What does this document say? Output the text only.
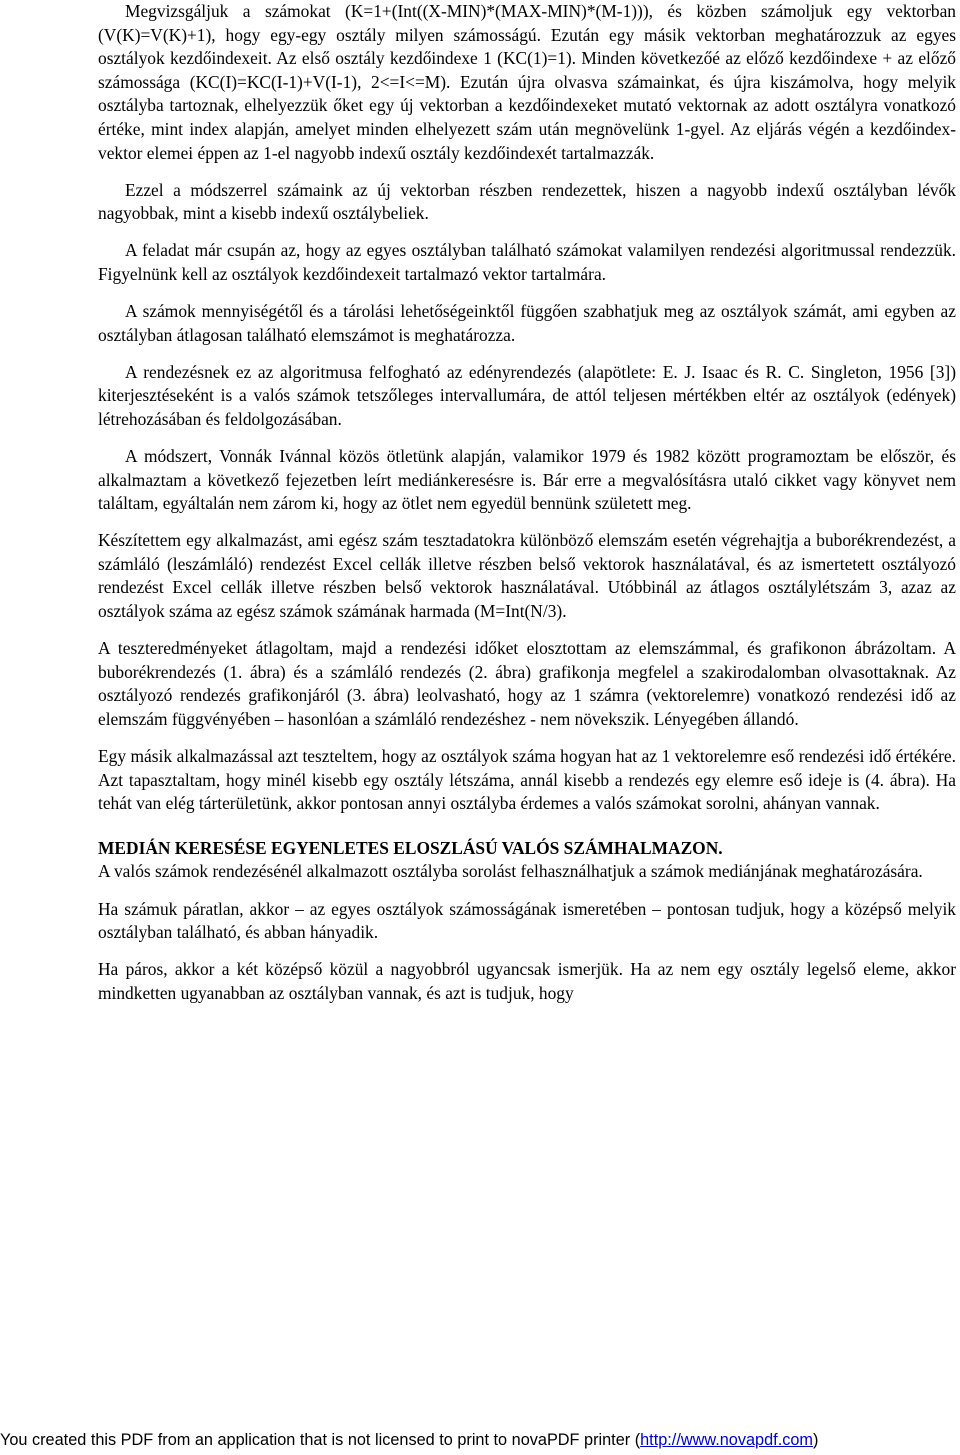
Megvizsgáljuk a számokat (K=1+(Int((X-MIN)*(MAX-MIN)*(M-1))), és közben számoljuk egy vektorban (V(K)=V(K)+1), hogy egy-egy osztály milyen számosságú. Ezután egy másik vektorban meghatározzuk az egyes osztályok kezdőindexeit. Az első osztály kezdőindexe 1 (KC(1)=1). Minden következőé az előző kezdőindexe + az előző számossága (KC(I)=KC(I-1)+V(I-1), 2<=I<=M). Ezután újra olvasva számainkat, és újra kiszámolva, hogy melyik osztályba tartoznak, elhelyezzük őket egy új vektorban a kezdőindexeket mutató vektornak az adott osztályra vonatkozó értéke, mint index alapján, amelyet minden elhelyezett szám után megnövelünk 1-gyel. Az eljárás végén a kezdőindex-vektor elemei éppen az 1-el nagyobb indexű osztály kezdőindexét tartalmazzák.

Ezzel a módszerrel számaink az új vektorban részben rendezettek, hiszen a nagyobb indexű osztályban lévők nagyobbak, mint a kisebb indexű osztálybeliek.

A feladat már csupán az, hogy az egyes osztályban található számokat valamilyen rendezési algoritmussal rendezzük. Figyelnünk kell az osztályok kezdőindexeit tartalmazó vektor tartalmára.

A számok mennyiségétől és a tárolási lehetőségeinktől függően szabhatjuk meg az osztályok számát, ami egyben az osztályban átlagosan található elemszámot is meghatározza.

A rendezésnek ez az algoritmusa felfogható az edényrendezés (alapötlete: E. J. Isaac és R. C. Singleton, 1956 [3]) kiterjesztéseként is a valós számok tetszőleges intervallumára, de attól teljesen mértékben eltér az osztályok (edények) létrehozásában és feldolgozásában.

A módszert, Vonnák Ivánnal közös ötletünk alapján, valamikor 1979 és 1982 között programoztam be először, és alkalmaztam a következő fejezetben leírt mediánkeresésre is. Bár erre a megvalósításra utaló cikket vagy könyvet nem találtam, egyáltalán nem zárom ki, hogy az ötlet nem egyedül bennünk született meg.

Készítettem egy alkalmazást, ami egész szám tesztadatokra különböző elemszám esetén végrehajtja a buborékrendezést, a számláló (leszámláló) rendezést Excel cellák illetve részben belső vektorok használatával, és az ismertetett osztályozó rendezést Excel cellák illetve részben belső vektorok használatával. Utóbbinál az átlagos osztálylétszám 3, azaz az osztályok száma az egész számok számának harmada (M=Int(N/3).

A teszteredményeket átlagoltam, majd a rendezési időket elosztottam az elemszámmal, és grafikonon ábrázoltam. A buborékrendezés (1. ábra) és a számláló rendezés (2. ábra) grafikonja megfelel a szakirodalomban olvasottaknak. Az osztályozó rendezés grafikonjáról (3. ábra) leolvasható, hogy az 1 számra (vektorelemre) vonatkozó rendezési idő az elemszám függvényében – hasonlóan a számláló rendezéshez - nem növekszik. Lényegében állandó.

Egy másik alkalmazással azt teszteltem, hogy az osztályok száma hogyan hat az 1 vektorelemre eső rendezési idő értékére. Azt tapasztaltam, hogy minél kisebb egy osztály létszáma, annál kisebb a rendezés egy elemre eső ideje is (4. ábra). Ha tehát van elég tárterületünk, akkor pontosan annyi osztályba érdemes a valós számokat sorolni, ahányan vannak.

MEDIÁN KERESÉSE EGYENLETES ELOSZLÁSÚ VALÓS SZÁMHALMAZON.

A valós számok rendezésénél alkalmazott osztályba sorolást felhasználhatjuk a számok mediánjának meghatározására.

Ha számuk páratlan, akkor – az egyes osztályok számosságának ismeretében – pontosan tudjuk, hogy a középső melyik osztályban található, és abban hányadik.

Ha páros, akkor a két középső közül a nagyobbról ugyancsak ismerjük. Ha az nem egy osztály legelső eleme, akkor mindketten ugyanabban az osztályban vannak, és azt is tudjuk, hogy

You created this PDF from an application that is not licensed to print to novaPDF printer (http://www.novapdf.com)
